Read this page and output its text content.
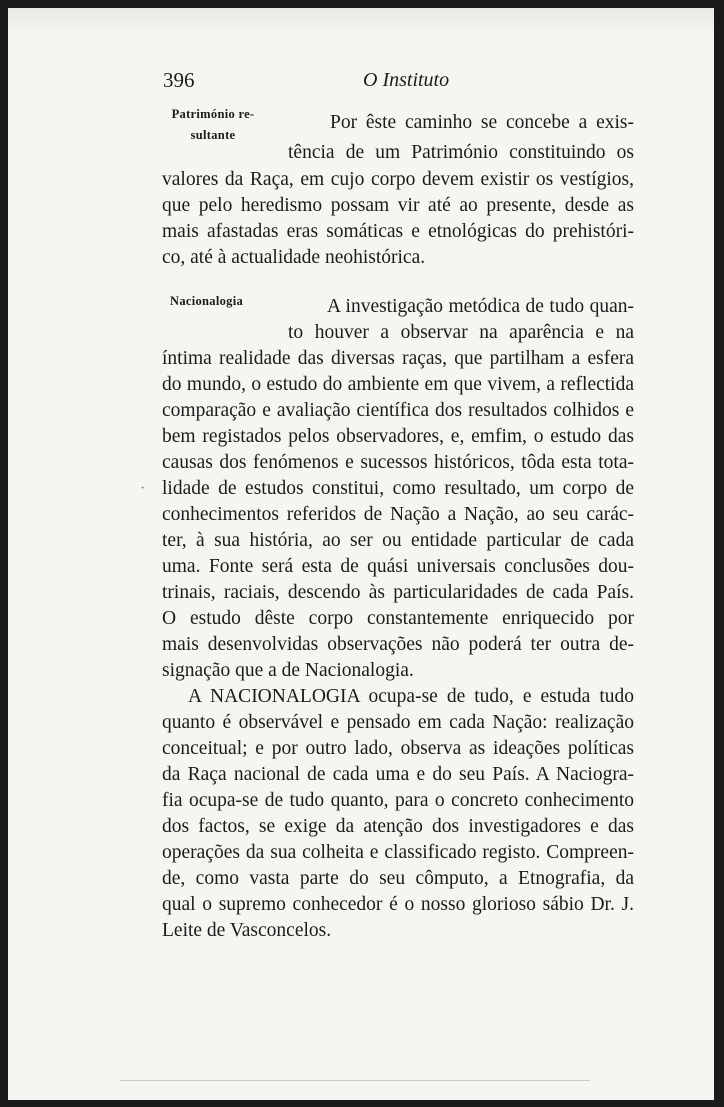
396	O Instituto
Património re-
sultante
Nacionalogia
Por êste caminho se concebe a exis-
tência de um Património constituindo os
valores da Raça, em cujo corpo devem existir os vestígios,
que pelo heredismo possam vir até ao presente, desde as
mais afastadas eras somáticas e etnológicas do prehistóri-
co, até à actualidade neohistórica.
A investigação metódica de tudo quan-
to houver a observar na aparência e na
íntima realidade das diversas raças, que partilham a esfera
do mundo, o estudo do ambiente em que vivem, a reflectida
comparação e avaliação científica dos resultados colhidos e
bem registados pelos observadores, e, emfim, o estudo das
causas dos fenómenos e sucessos históricos, tôda esta tota-
lidade de estudos constitui, como resultado, um corpo de
conhecimentos referidos de Nação a Nação, ao seu carác-
ter, à sua história, ao ser ou entidade particular de cada
uma. Fonte será esta de quási universais conclusões dou-
trinais, raciais, descendo às particularidades de cada País.
O estudo dêste corpo constantemente enriquecido por
mais desenvolvidas observações não poderá ter outra de-
signação que a de Nacionalogia.
A NACIONALOGIA ocupa-se de tudo, e estuda tudo
quanto é observável e pensado em cada Nação: realização
conceitual; e por outro lado, observa as ideações políticas
da Raça nacional de cada uma e do seu País. A Naciogra-
fia ocupa-se de tudo quanto, para o concreto conhecimento
dos factos, se exige da atenção dos investigadores e das
operações da sua colheita e classificado registo. Compreen-
de, como vasta parte do seu cômputo, a Etnografia, da
qual o supremo conhecedor é o nosso glorioso sábio Dr. J.
Leite de Vasconcelos.
·
